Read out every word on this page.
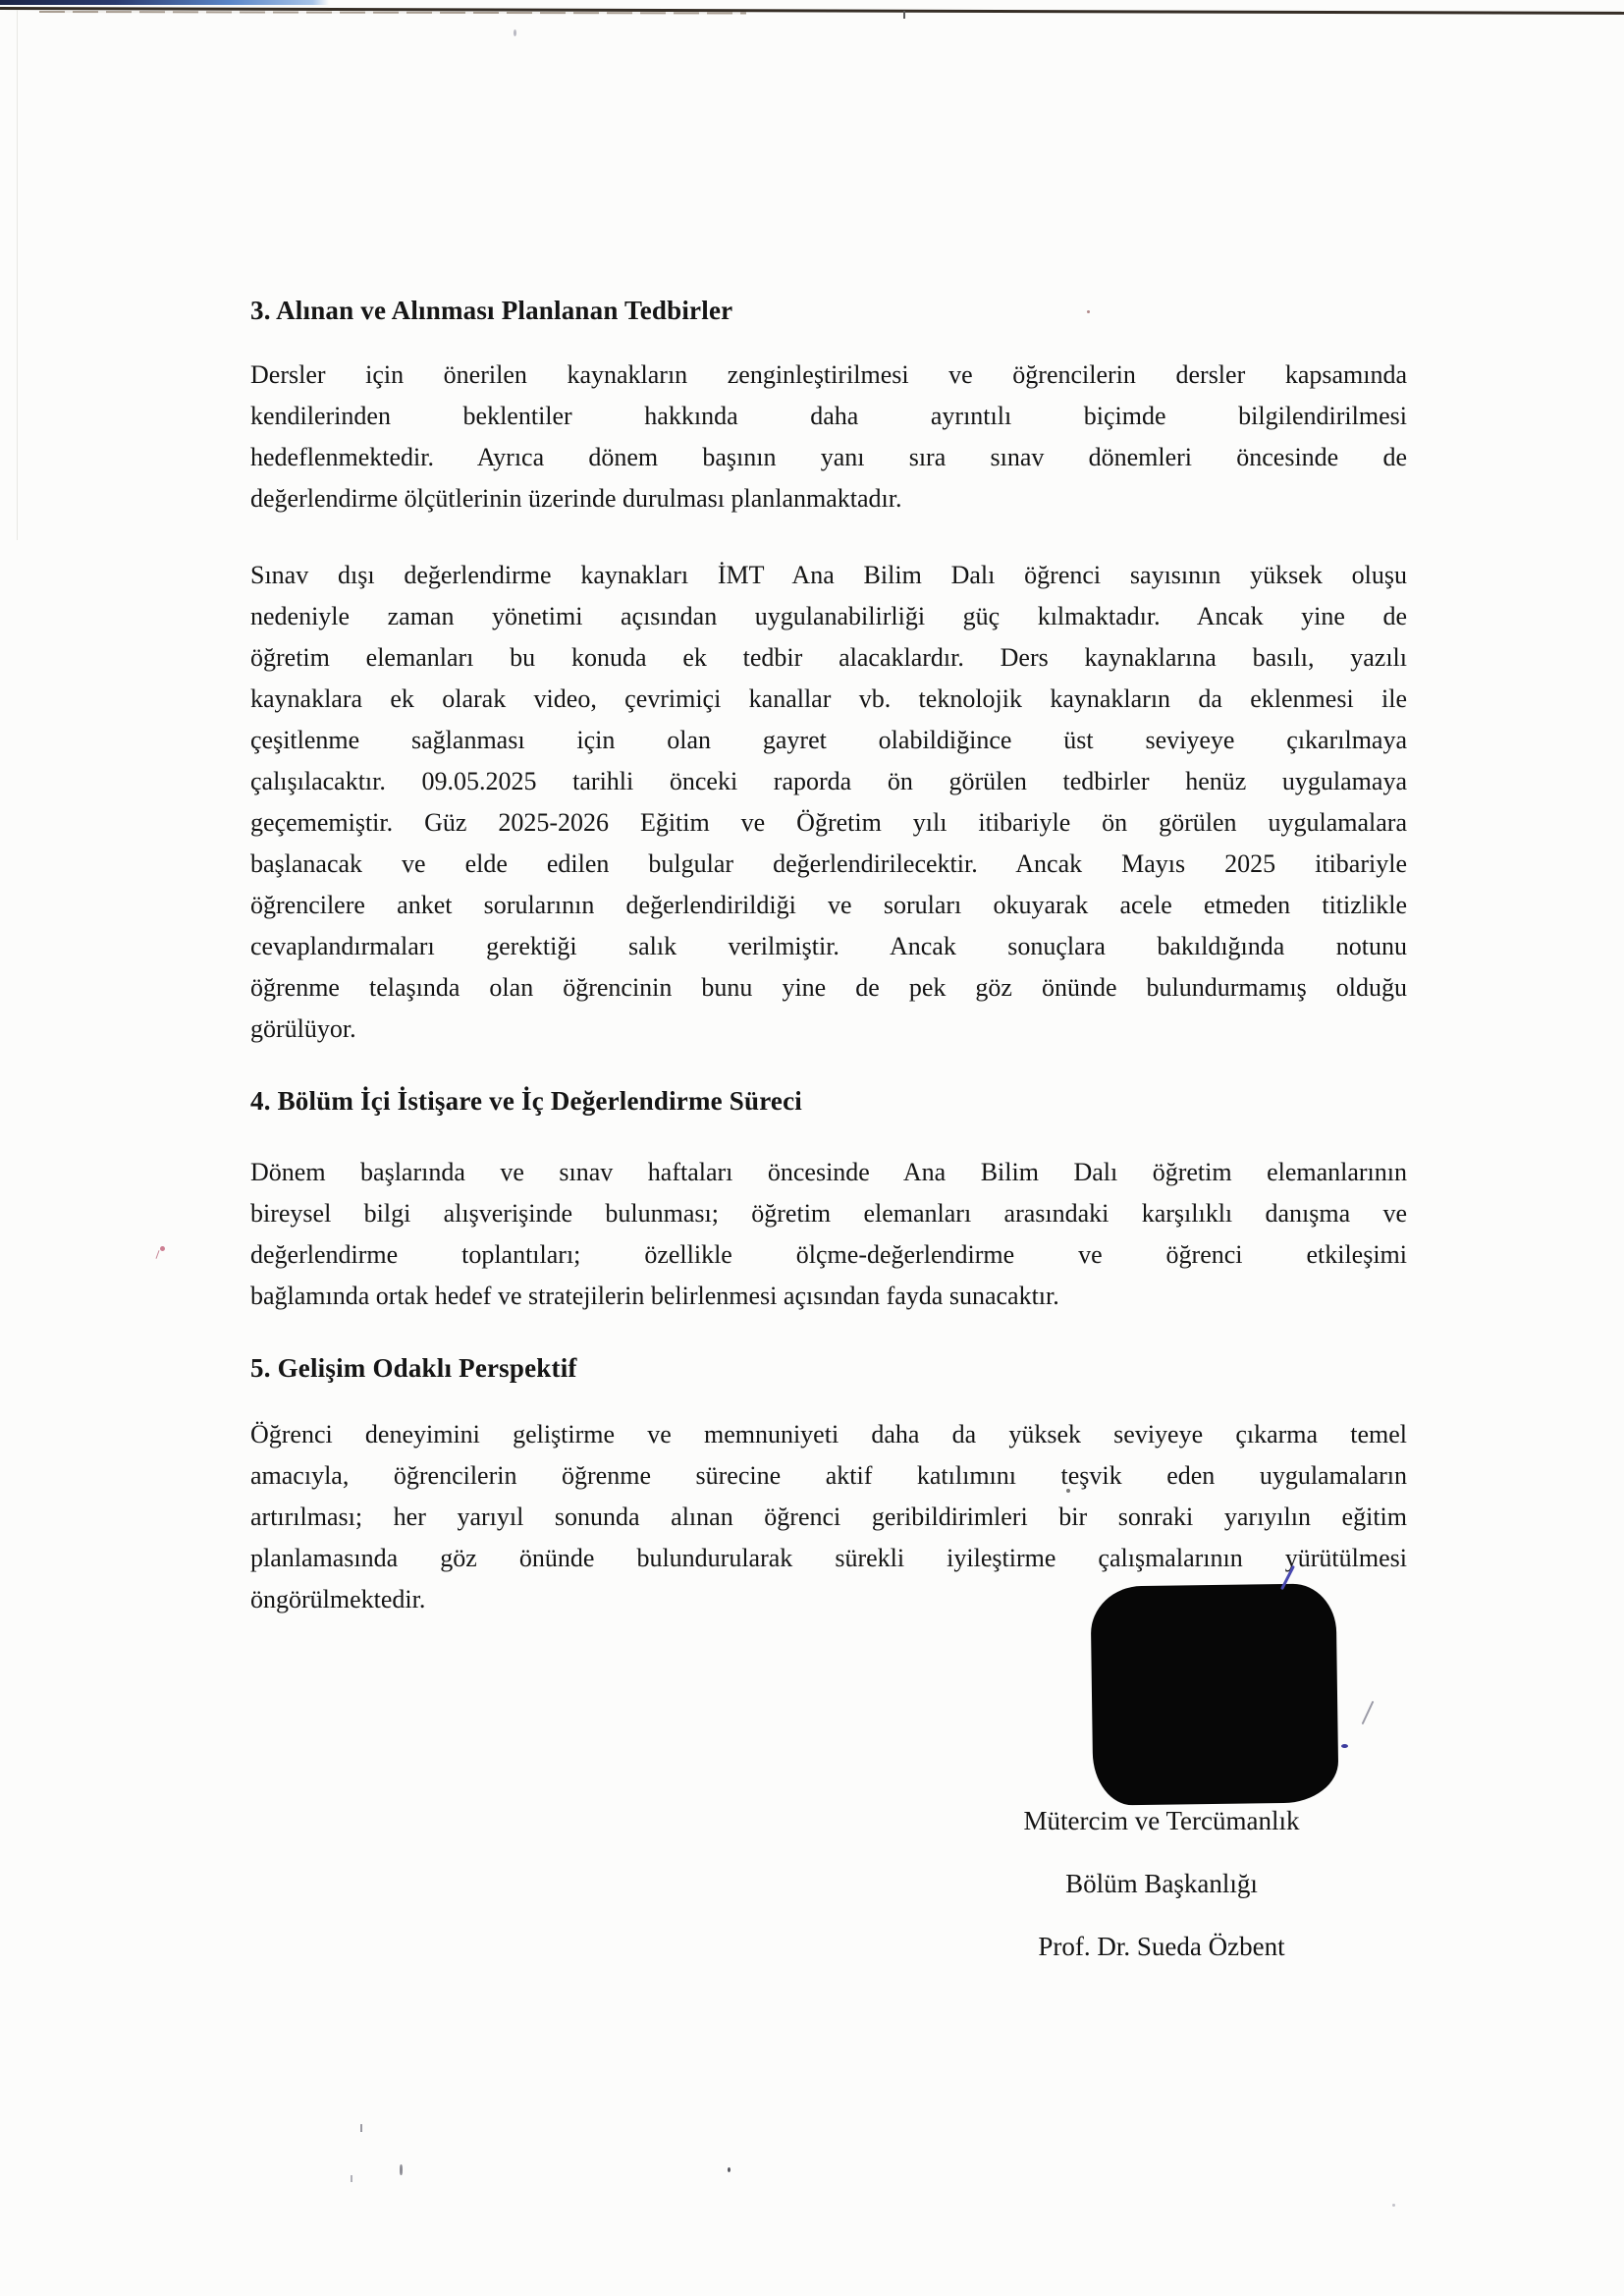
3. Alınan ve Alınması Planlanan Tedbirler
Dersler için önerilen kaynakların zenginleştirilmesi ve öğrencilerin dersler kapsamında
kendilerinden beklentiler hakkında daha ayrıntılı biçimde bilgilendirilmesi
hedeflenmektedir. Ayrıca dönem başının yanı sıra sınav dönemleri öncesinde de
değerlendirme ölçütlerinin üzerinde durulması planlanmaktadır.
Sınav dışı değerlendirme kaynakları İMT Ana Bilim Dalı öğrenci sayısının yüksek oluşu
nedeniyle zaman yönetimi açısından uygulanabilirliği güç kılmaktadır. Ancak yine de
öğretim elemanları bu konuda ek tedbir alacaklardır. Ders kaynaklarına basılı, yazılı
kaynaklara ek olarak video, çevrimiçi kanallar vb. teknolojik kaynakların da eklenmesi ile
çeşitlenme sağlanması için olan gayret olabildiğince üst seviyeye çıkarılmaya
çalışılacaktır. 09.05.2025 tarihli önceki raporda ön görülen tedbirler henüz uygulamaya
geçememiştir. Güz 2025-2026 Eğitim ve Öğretim yılı itibariyle ön görülen uygulamalara
başlanacak ve elde edilen bulgular değerlendirilecektir. Ancak Mayıs 2025 itibariyle
öğrencilere anket sorularının değerlendirildiği ve soruları okuyarak acele etmeden titizlikle
cevaplandırmaları gerektiği salık verilmiştir. Ancak sonuçlara bakıldığında notunu
öğrenme telaşında olan öğrencinin bunu yine de pek göz önünde bulundurmamış olduğu
görülüyor.
4. Bölüm İçi İstişare ve İç Değerlendirme Süreci
Dönem başlarında ve sınav haftaları öncesinde Ana Bilim Dalı öğretim elemanlarının
bireysel bilgi alışverişinde bulunması; öğretim elemanları arasındaki karşılıklı danışma ve
değerlendirme toplantıları; özellikle ölçme-değerlendirme ve öğrenci etkileşimi
bağlamında ortak hedef ve stratejilerin belirlenmesi açısından fayda sunacaktır.
5. Gelişim Odaklı Perspektif
Öğrenci deneyimini geliştirme ve memnuniyeti daha da yüksek seviyeye çıkarma temel
amacıyla, öğrencilerin öğrenme sürecine aktif katılımını teşvik eden uygulamaların
artırılması; her yarıyıl sonunda alınan öğrenci geribildirimleri bir sonraki yarıyılın eğitim
planlamasında göz önünde bulundurularak sürekli iyileştirme çalışmalarının yürütülmesi
öngörülmektedir.
Mütercim ve Tercümanlık
Bölüm Başkanlığı
Prof. Dr. Sueda Özbent
